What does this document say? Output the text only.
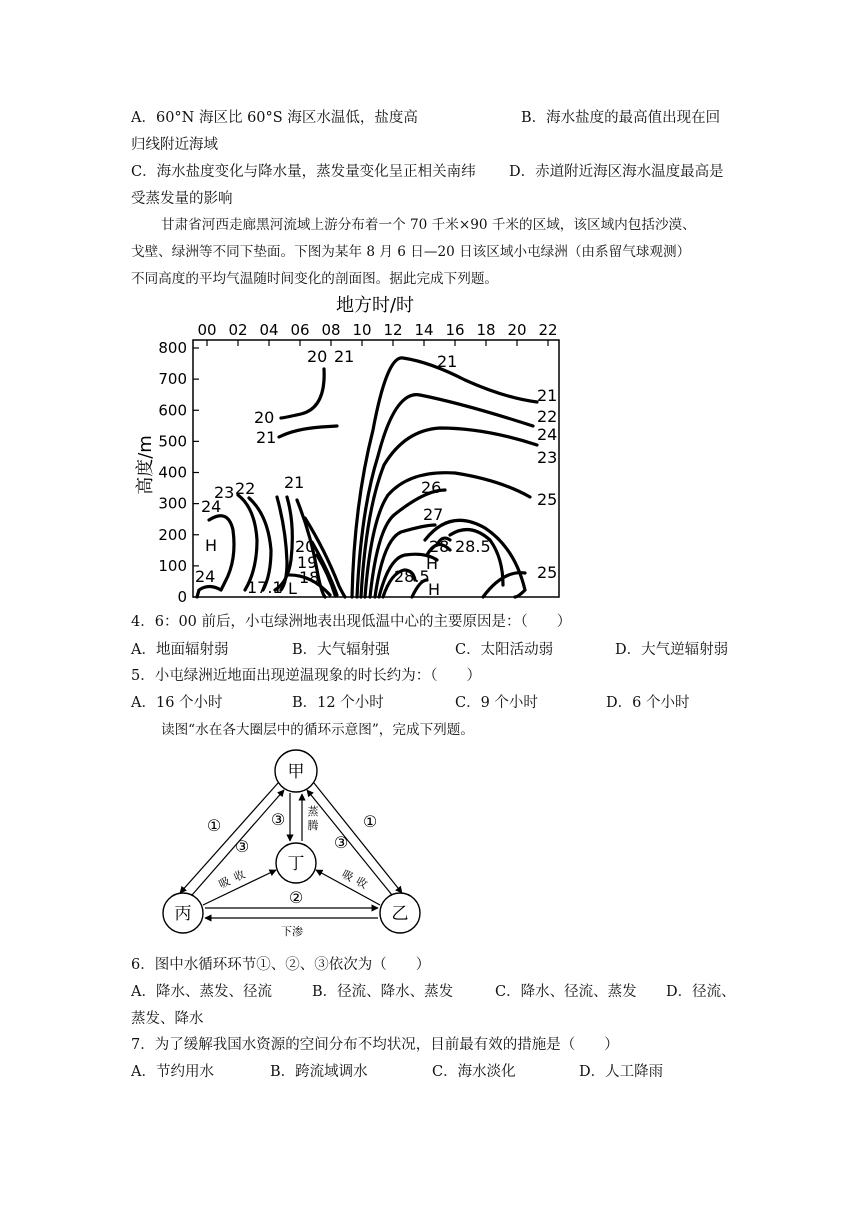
A．60°N 海区比 60°S 海区水温低，盐度高	B．海水盐度的最高值出现在回
归线附近海域
C．海水盐度变化与降水量，蒸发量变化呈正相关南纬 D．赤道附近海区海水温度最高是
受蒸发量的影响
甘肃省河西走廊黑河流域上游分布着一个 70 千米×90 千米的区域，该区域内包括沙漠、
戈壁、绿洲等不同下垫面。下图为某年 8 月 6 日—20 日该区域小屯绿洲（由系留气球观测）
不同高度的平均气温随时间变化的剖面图。据此完成下列题。
地方时/时
00 02 04 06 08 10 12 14 16 18 20 22
0
100
200
300
400
500
600
700
800
高度/m
20 21	21
21
22
24
23
25
20
21
23 22
24
21
H
24
20
19
18
17.1 L
26
27
28 28.5
H
28.5
H
25
4．6：00 前后，小屯绿洲地表出现低温中心的主要原因是：（　　）
A．地面辐射弱	B．大气辐射强	C．太阳活动弱	D．大气逆辐射弱
5．小屯绿洲近地面出现逆温现象的时长约为：（　　）
A．16 个小时	B．12 个小时	C．9 个小时	D．6 个小时
读图“水在各大圈层中的循环示意图”，完成下列题。
甲
丁
丙	乙
①
③
③
③
①
②
蒸
腾
吸 收	吸
收
下渗
6．图中水循环环节①、②、③依次为（　　）
A．降水、蒸发、径流	B．径流、降水、蒸发	C．降水、径流、蒸发 D．径流、
蒸发、降水
7．为了缓解我国水资源的空间分布不均状况，目前最有效的措施是（　　）
A．节约用水	B．跨流域调水	C．海水淡化	D．人工降雨
